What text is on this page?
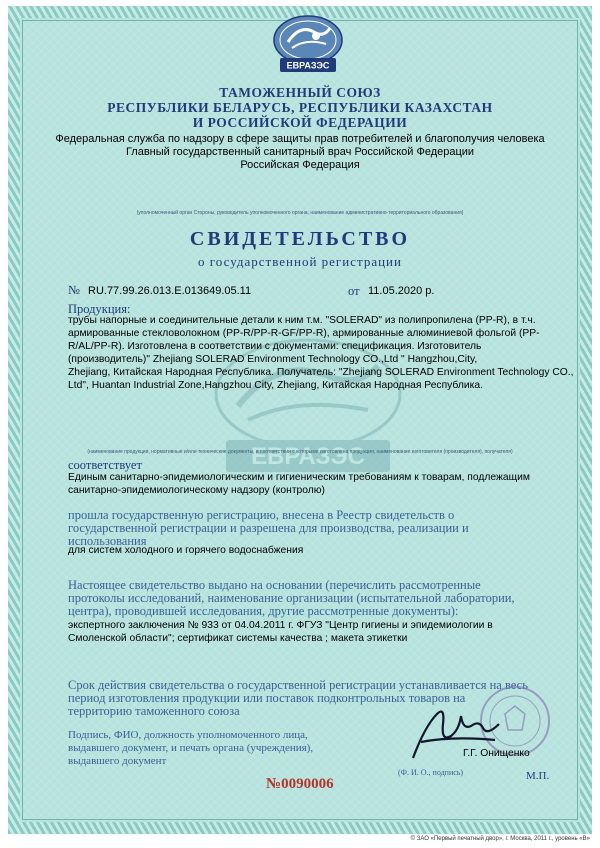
ЕВРАЗЭС
ТАМОЖЕННЫЙ СОЮЗ
РЕСПУБЛИКИ БЕЛАРУСЬ, РЕСПУБЛИКИ КАЗАХСТАН
И РОССИЙСКОЙ ФЕДЕРАЦИИ
Федеральная служба по надзору в сфере защиты прав потребителей и благополучия человека
Главный государственный санитарный врач Российской Федерации
Российская Федерация
(уполномоченный орган Стороны, руководитель уполномоченного органа, наименование административно-территориального образования)
СВИДЕТЕЛЬСТВО
о государственной регистрации
№ RU.77.99.26.013.Е.013649.05.11	от 11.05.2020 р.
ЕВРАЗЭС
Продукция:
трубы напорные и соединительные детали к ним т.м. "SOLERAD" из полипропилена (PP-R), в т.ч.
армированные стекловолокном (PP-R/PP-R-GF/PP-R), армированные алюминиевой фольгой (PP-
R/AL/PP-R). Изготовлена в соответствии с документами: спецификация. Изготовитель
(производитель)" Zhejiang SOLERAD Environment Technology CO.,Ltd " Hangzhou,City,
Zhejiang, Китайская Народная Республика. Получатель: "Zhejiang SOLERAD Environment Technology CO.,
Ltd", Huantan Industrial Zone,Hangzhou City, Zhejiang, Китайская Народная Республика.
(наименование продукции, нормативные и/или технические документы, в соответствии с которыми изготовлена продукция, наименование изготовителя (производителя), получателя)
соответствует
Единым санитарно-эпидемиологическим и гигиеническим требованиям к товарам, подлежащим
санитарно-эпидемиологическому надзору (контролю)
прошла государственную регистрацию, внесена в Реестр свидетельств о
государственной регистрации и разрешена для производства, реализации и
использования
для систем холодного и горячего водоснабжения
Настоящее свидетельство выдано на основании (перечислить рассмотренные
протоколы исследований, наименование организации (испытательной лаборатории,
центра), проводившей исследования, другие рассмотренные документы):
экспертного заключения № 933 от 04.04.2011 г. ФГУЗ "Центр гигиены и эпидемиологии в
Смоленской области"; сертификат системы качества ; макета этикетки
Срок действия свидетельства о государственной регистрации устанавливается на весь
период изготовления продукции или поставок подконтрольных товаров на
территорию таможенного союза
Подпись, ФИО, должность уполномоченного лица,
выдавшего документ, и печать органа (учреждения),
выдавшего документ
Г.Г. Онищенко
(Ф. И. О., подпись)	М.П.
№0090006
© ЗАО «Первый печатный двор», г. Москва, 2011 г., уровень «В»
